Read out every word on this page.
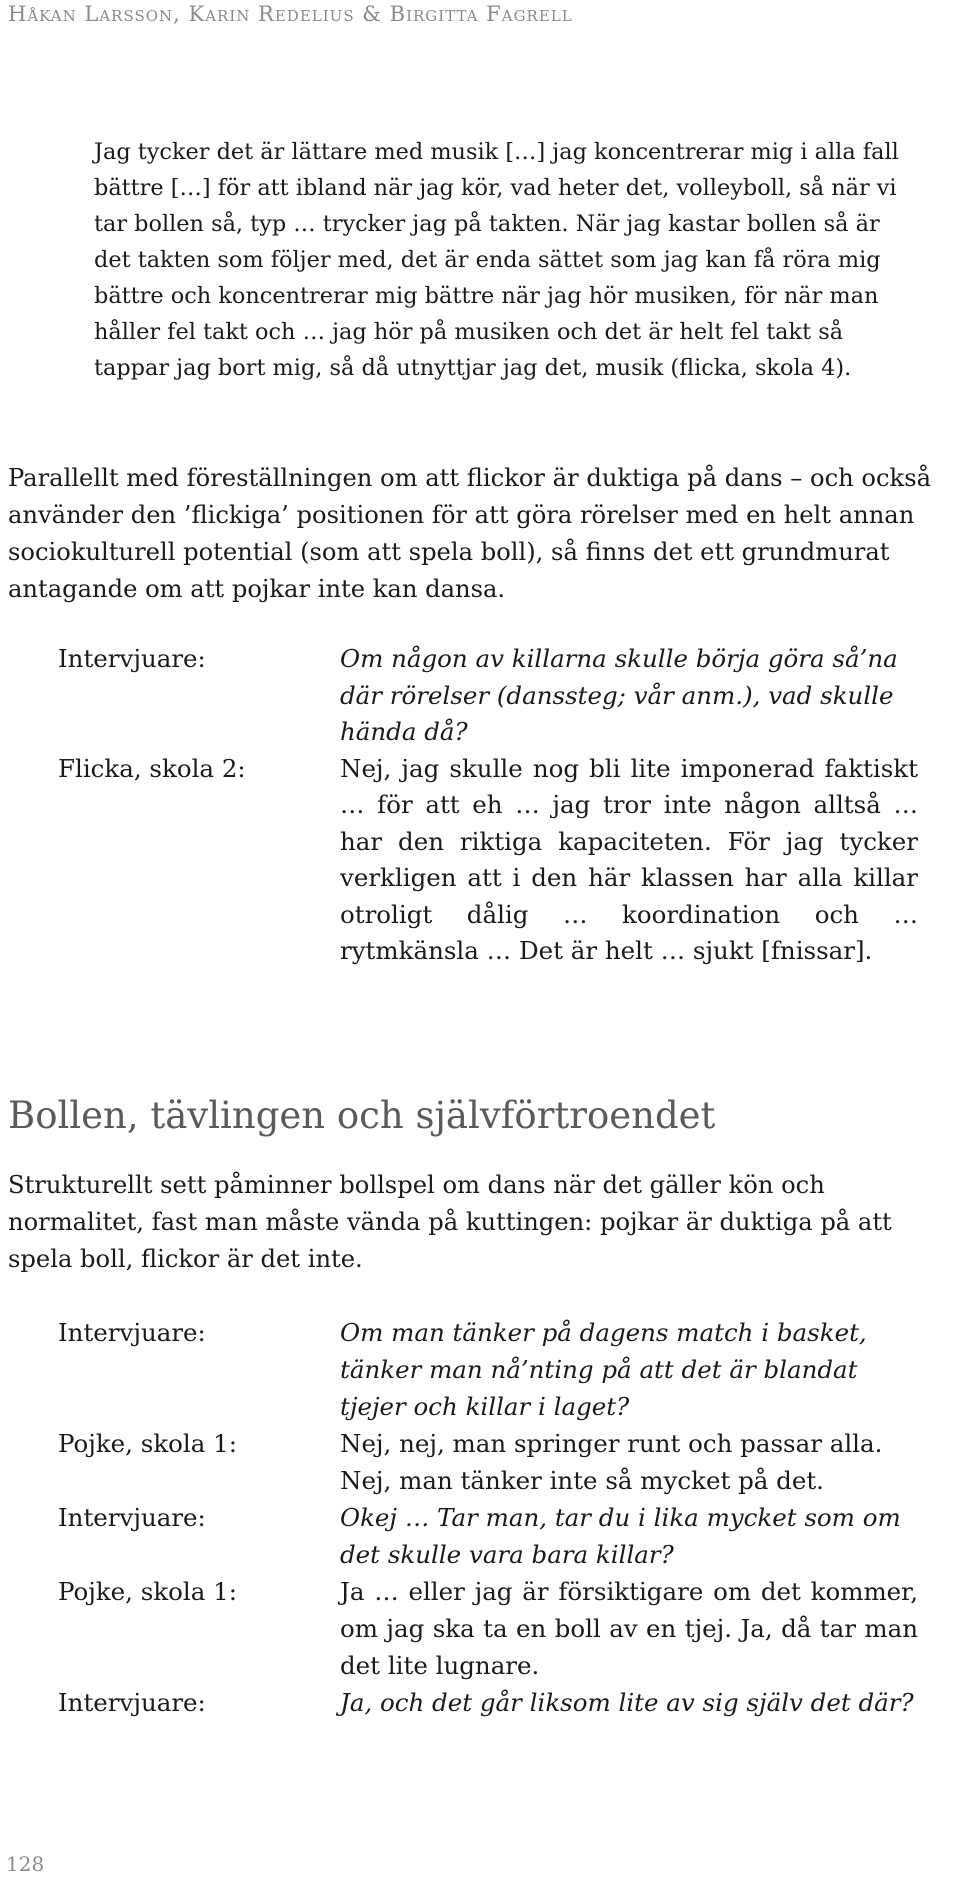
Håkan Larsson, Karin Redelius & Birgitta Fagrell

Jag tycker det är lättare med musik […] jag koncentrerar mig i alla fall bättre […] för att ibland när jag kör, vad heter det, volleyboll, så när vi tar bollen så, typ … trycker jag på takten. När jag kastar bollen så är det takten som följer med, det är enda sättet som jag kan få röra mig bättre och koncentrerar mig bättre när jag hör musiken, för när man håller fel takt och … jag hör på musiken och det är helt fel takt så tappar jag bort mig, så då utnyttjar jag det, musik (flicka, skola 4).

Parallellt med föreställningen om att flickor är duktiga på dans – och också använder den ’flickiga’ positionen för att göra rörelser med en helt annan sociokulturell potential (som att spela boll), så finns det ett grundmurat antagande om att pojkar inte kan dansa.

Intervjuare:	Om någon av killarna skulle börja göra så’na där rörelser (danssteg; vår anm.), vad skulle hända då?
Flicka, skola 2:	Nej, jag skulle nog bli lite imponerad faktiskt … för att eh … jag tror inte någon alltså … har den riktiga kapaciteten. För jag tycker verkligen att i den här klassen har alla killar otroligt dålig … koordination och … rytmkänsla … Det är helt … sjukt [fnissar].
Bollen, tävlingen och självförtroendet

Strukturellt sett påminner bollspel om dans när det gäller kön och normalitet, fast man måste vända på kuttingen: pojkar är duktiga på att spela boll, flickor är det inte.

Intervjuare:	Om man tänker på dagens match i basket, tänker man nå’nting på att det är blandat tjejer och killar i laget?
Pojke, skola 1:	Nej, nej, man springer runt och passar alla. Nej, man tänker inte så mycket på det.
Intervjuare:	Okej … Tar man, tar du i lika mycket som om det skulle vara bara killar?
Pojke, skola 1:	Ja … eller jag är försiktigare om det kommer, om jag ska ta en boll av en tjej. Ja, då tar man det lite lugnare.
Intervjuare:	Ja, och det går liksom lite av sig själv det där?
128
